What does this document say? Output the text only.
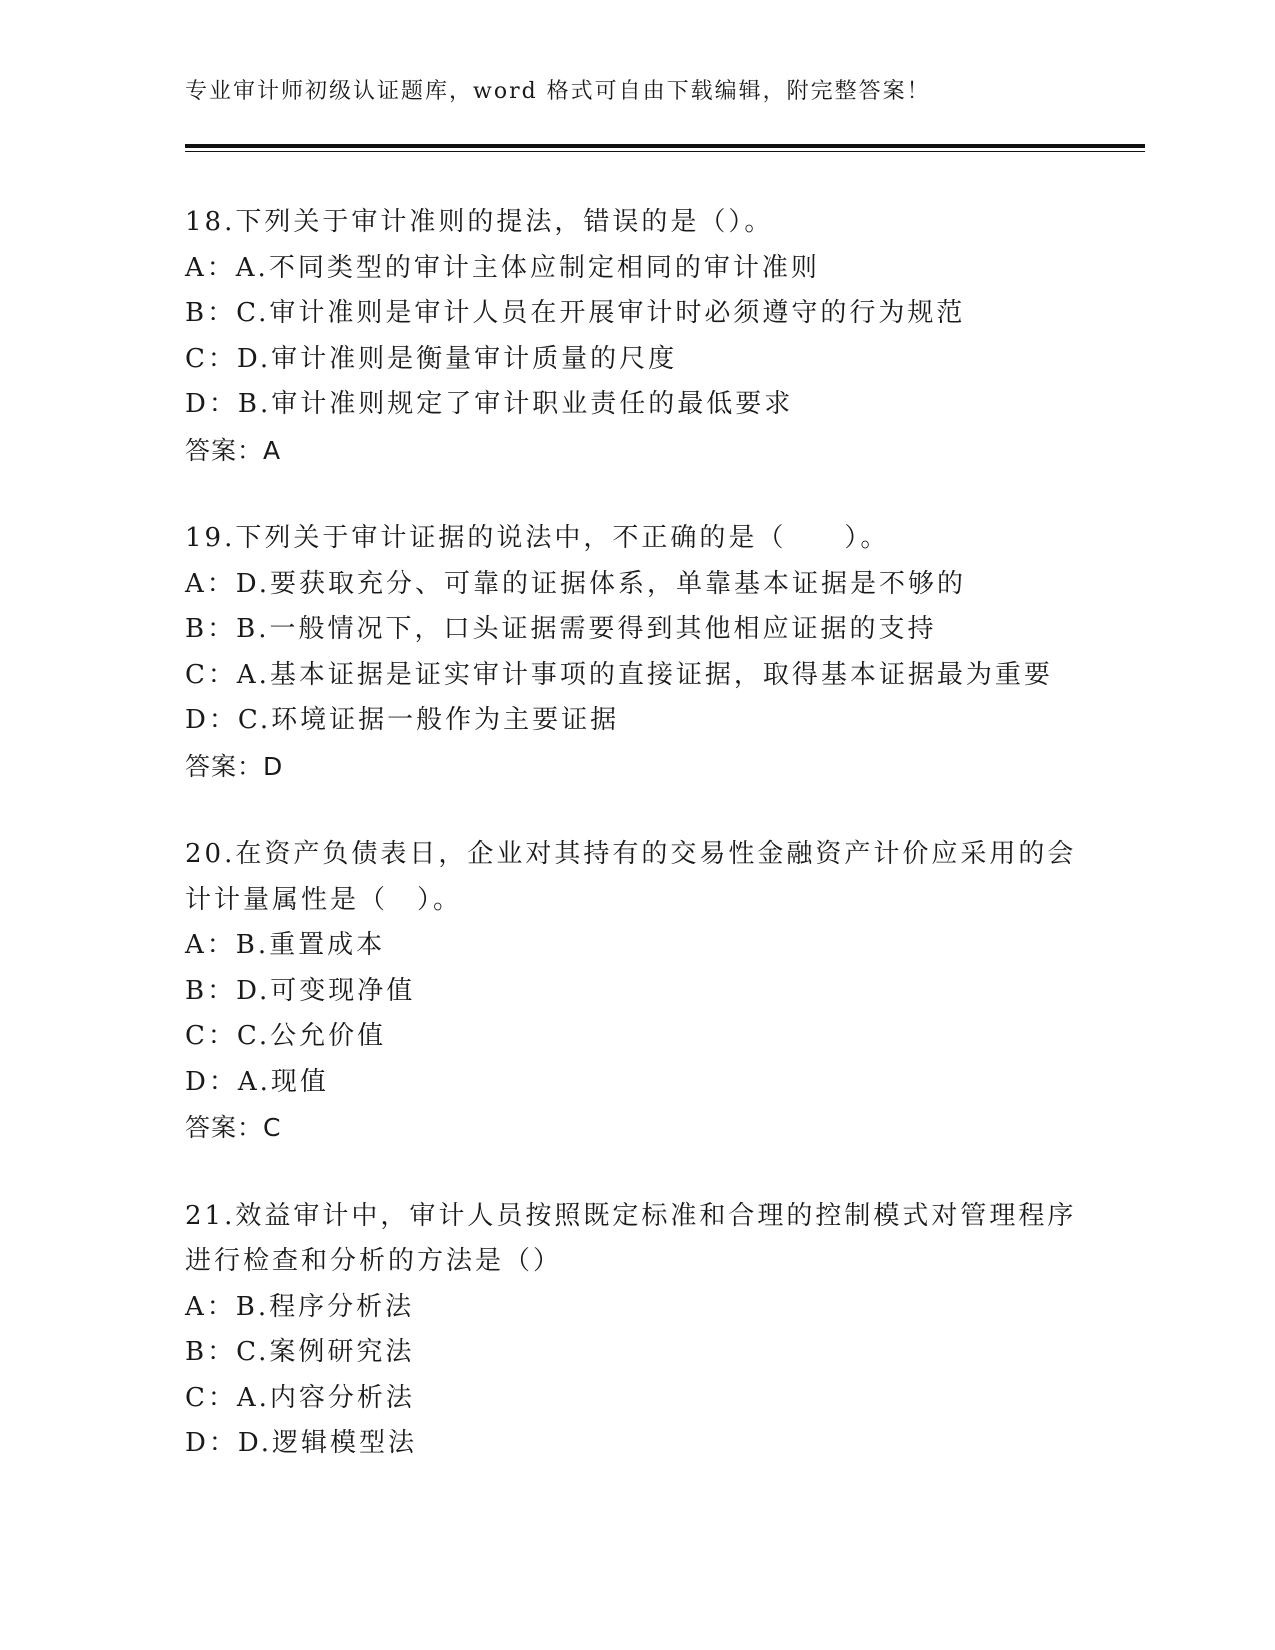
专业审计师初级认证题库，word 格式可自由下载编辑，附完整答案！
18.下列关于审计准则的提法，错误的是（）。
A：A.不同类型的审计主体应制定相同的审计准则
B：C.审计准则是审计人员在开展审计时必须遵守的行为规范
C：D.审计准则是衡量审计质量的尺度
D：B.审计准则规定了审计职业责任的最低要求
答案：A
19.下列关于审计证据的说法中，不正确的是（　　）。
A：D.要获取充分、可靠的证据体系，单靠基本证据是不够的
B：B.一般情况下，口头证据需要得到其他相应证据的支持
C：A.基本证据是证实审计事项的直接证据，取得基本证据最为重要
D：C.环境证据一般作为主要证据
答案：D
20.在资产负债表日，企业对其持有的交易性金融资产计价应采用的会
计计量属性是（　）。
A：B.重置成本
B：D.可变现净值
C：C.公允价值
D：A.现值
答案：C
21.效益审计中，审计人员按照既定标准和合理的控制模式对管理程序
进行检查和分析的方法是（）
A：B.程序分析法
B：C.案例研究法
C：A.内容分析法
D：D.逻辑模型法
